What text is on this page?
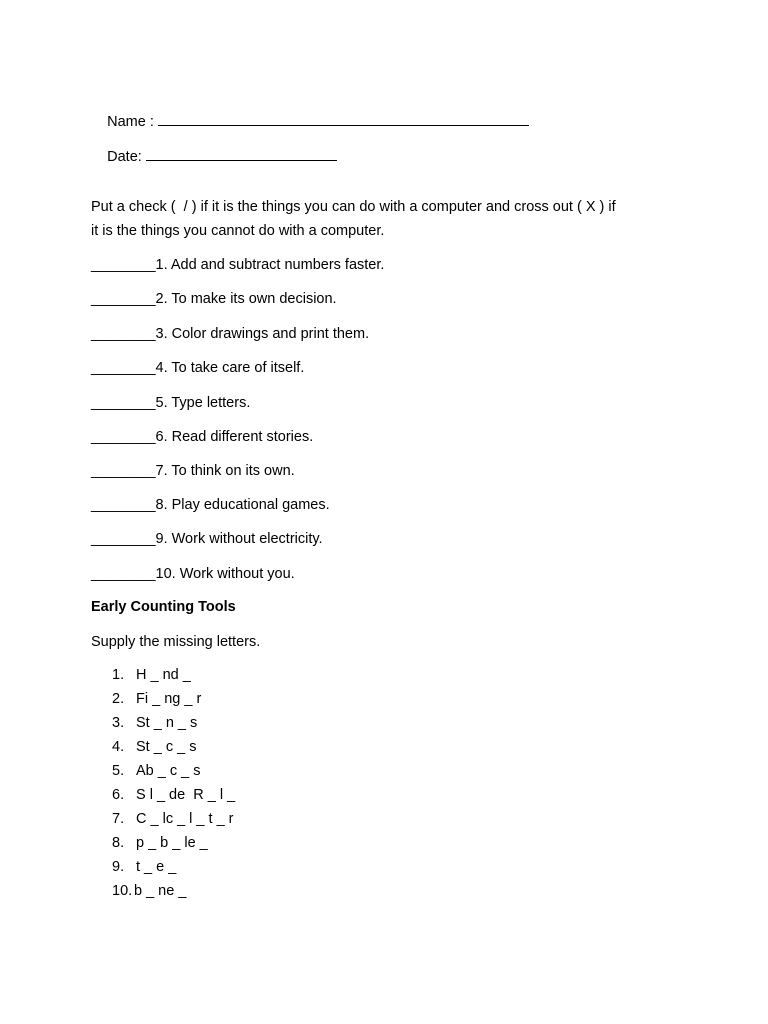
Name :

Date:

Put a check (  / ) if it is the things you can do with a computer and cross out ( X ) if
it is the things you cannot do with a computer.
________1. Add and subtract numbers faster.
________2. To make its own decision.
________3. Color drawings and print them.
________4. To take care of itself.
________5. Type letters.
________6. Read different stories.
________7. To think on its own.
________8. Play educational games.
________9. Work without electricity.
________10. Work without you.
Early Counting Tools
Supply the missing letters.
1. H _ nd _
2. Fi _ ng _ r
3. St _ n _ s
4. St _ c _ s
5. Ab _ c _ s
6. S l _ de  R _ l _
7. C _ lc _ l _ t _ r
8. p _ b _ le _
9. t _ e _
10. b _ ne _
